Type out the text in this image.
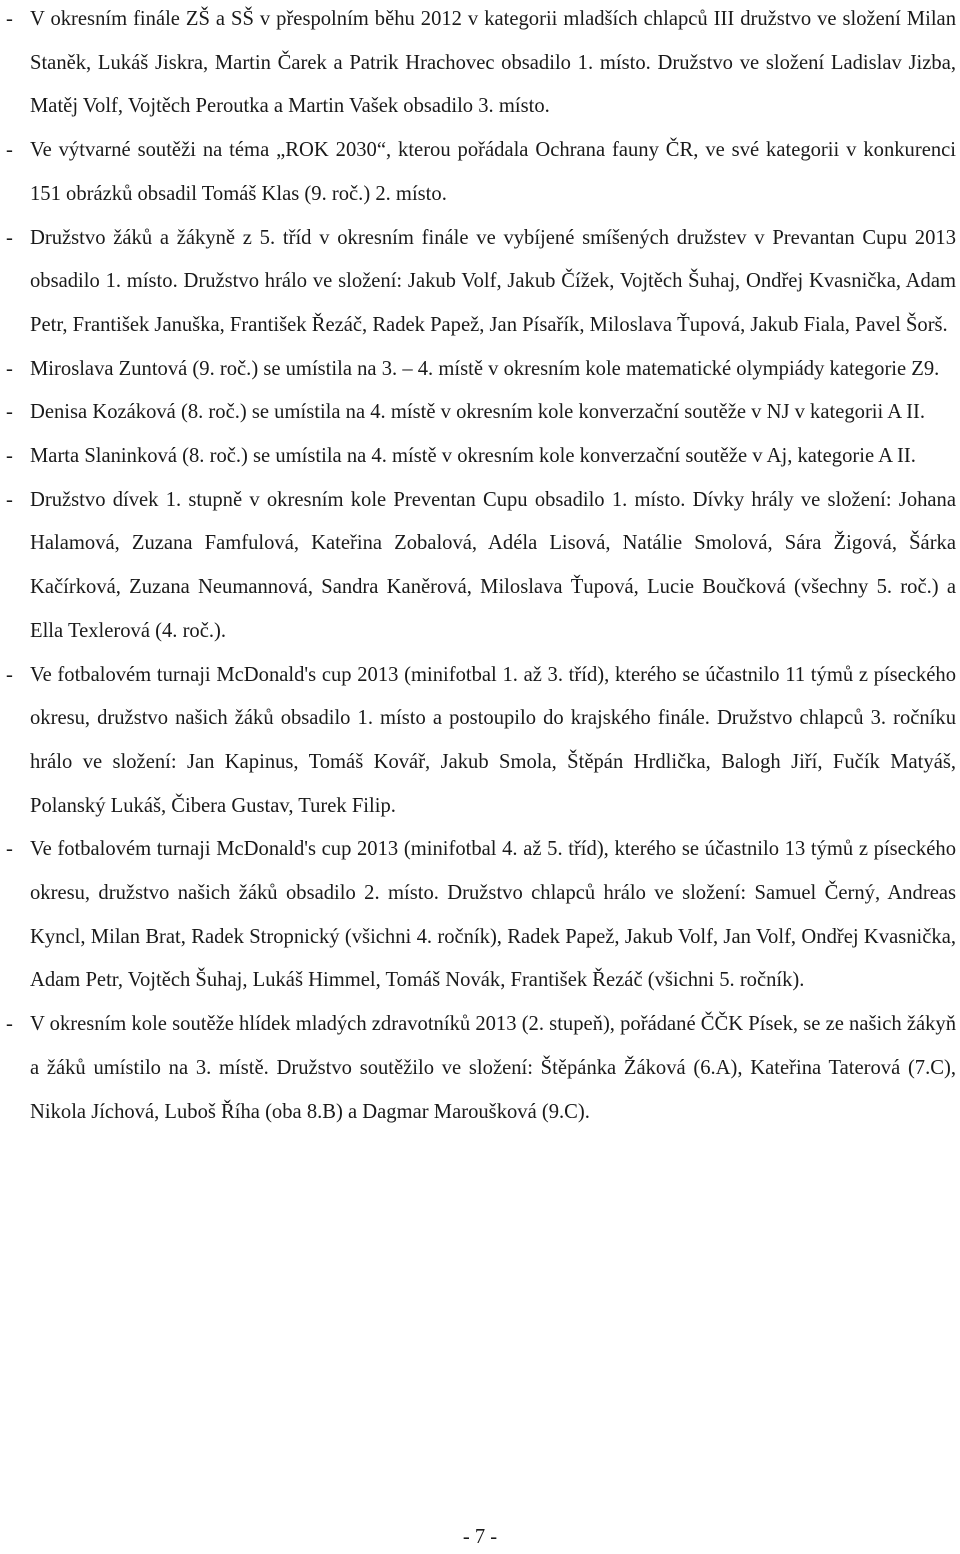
- V okresním finále ZŠ a SŠ v přespolním běhu 2012 v kategorii mladších chlapců III družstvo ve složení Milan Staněk, Lukáš Jiskra, Martin Čarek a Patrik Hrachovec obsadilo 1. místo. Družstvo ve složení Ladislav Jizba, Matěj Volf, Vojtěch Peroutka a Martin Vašek obsadilo 3. místo.
- Ve výtvarné soutěži na téma „ROK 2030“, kterou pořádala Ochrana fauny ČR, ve své kategorii v konkurenci 151 obrázků obsadil Tomáš Klas (9. roč.) 2. místo.
- Družstvo žáků a žákyně z 5. tříd v okresním finále ve vybíjené smíšených družstev v Prevantan Cupu 2013 obsadilo 1. místo. Družstvo hrálo ve složení: Jakub Volf, Jakub Čížek, Vojtěch Šuhaj, Ondřej Kvasnička, Adam Petr, František Januška, František Řezáč, Radek Papež, Jan Písařík, Miloslava Ťupová, Jakub Fiala, Pavel Šorš.
- Miroslava Zuntová (9. roč.) se umístila na 3. – 4. místě v okresním kole matematické olympiády kategorie Z9.
- Denisa Kozáková (8. roč.) se umístila na 4. místě v okresním kole konverzační soutěže v NJ v kategorii A II.
- Marta Slaninková (8. roč.) se umístila na 4. místě v okresním kole konverzační soutěže v Aj, kategorie A II.
- Družstvo dívek 1. stupně v okresním kole Preventan Cupu obsadilo 1. místo. Dívky hrály ve složení: Johana Halamová, Zuzana Famfulová, Kateřina Zobalová, Adéla Lisová, Natálie Smolová, Sára Žigová, Šárka Kačírková, Zuzana Neumannová, Sandra Kaněrová, Miloslava Ťupová, Lucie Boučková (všechny 5. roč.) a Ella Texlerová (4. roč.).
- Ve fotbalovém turnaji McDonald's cup 2013 (minifotbal 1. až 3. tříd), kterého se účastnilo 11 týmů z píseckého okresu, družstvo našich žáků obsadilo 1. místo a postoupilo do krajského finále. Družstvo chlapců 3. ročníku hrálo ve složení: Jan Kapinus, Tomáš Kovář, Jakub Smola, Štěpán Hrdlička, Balogh Jiří, Fučík Matyáš, Polanský Lukáš, Čibera Gustav, Turek Filip.
- Ve fotbalovém turnaji McDonald's cup 2013 (minifotbal 4. až 5. tříd), kterého se účastnilo 13 týmů z píseckého okresu, družstvo našich žáků obsadilo 2. místo. Družstvo chlapců hrálo ve složení: Samuel Černý, Andreas Kyncl, Milan Brat, Radek Stropnický (všichni 4. ročník), Radek Papež, Jakub Volf, Jan Volf, Ondřej Kvasnička, Adam Petr, Vojtěch Šuhaj, Lukáš Himmel, Tomáš Novák, František Řezáč (všichni 5. ročník).
- V okresním kole soutěže hlídek mladých zdravotníků 2013 (2. stupeň), pořádané ČČK Písek, se ze našich žákyň a žáků umístilo na 3. místě. Družstvo soutěžilo ve složení: Štěpánka Žáková (6.A), Kateřina Taterová (7.C), Nikola Jíchová, Luboš Říha (oba 8.B) a Dagmar Maroušková (9.C).
- 7 -
